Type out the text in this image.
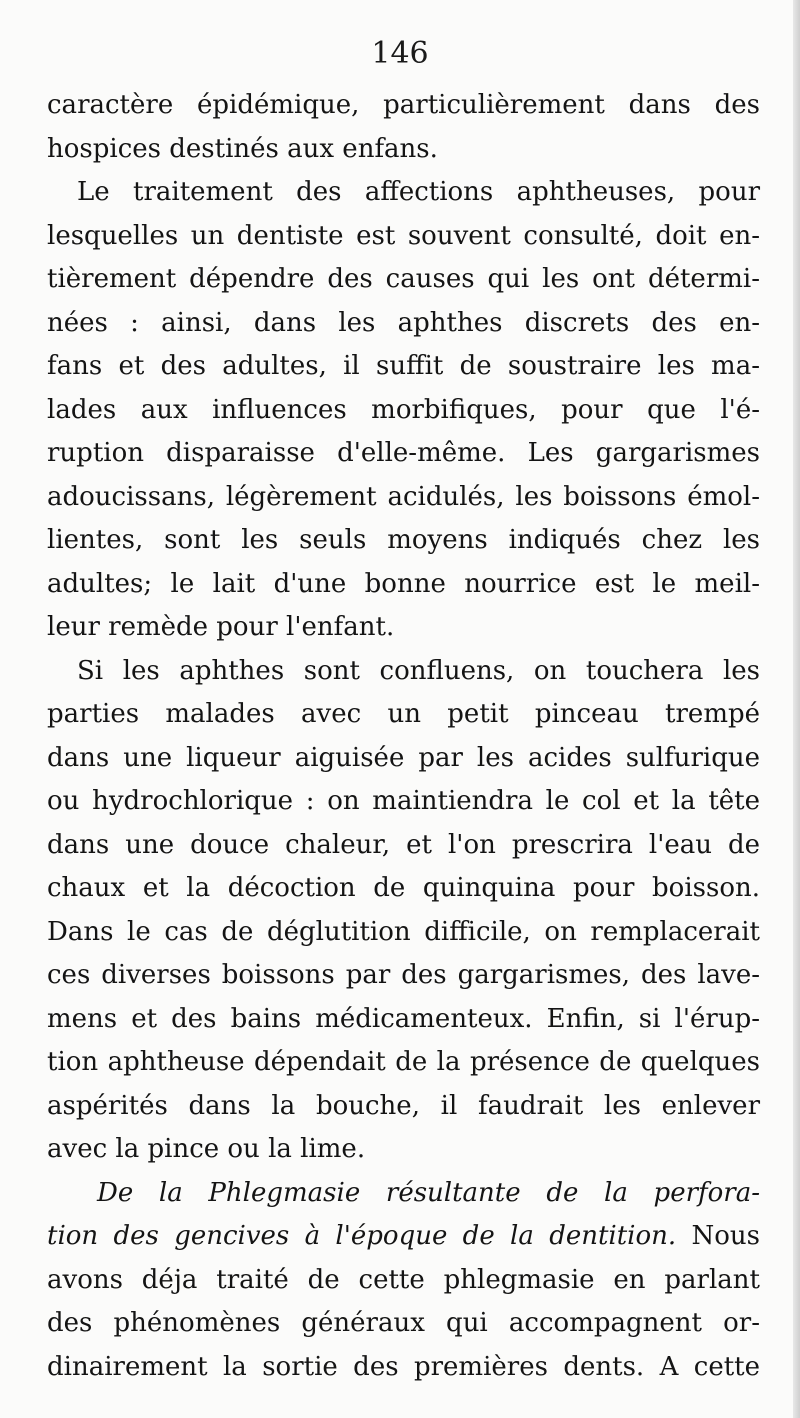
146

caractère épidémique, particulièrement dans des
hospices destinés aux enfans.
Le traitement des affections aphtheuses, pour
lesquelles un dentiste est souvent consulté, doit en-
tièrement dépendre des causes qui les ont détermi-
nées : ainsi, dans les aphthes discrets des en-
fans et des adultes, il suffit de soustraire les ma-
lades aux influences morbifiques, pour que l'é-
ruption disparaisse d'elle-même. Les gargarismes
adoucissans, légèrement acidulés, les boissons émol-
lientes, sont les seuls moyens indiqués chez les
adultes; le lait d'une bonne nourrice est le meil-
leur remède pour l'enfant.
Si les aphthes sont confluens, on touchera les
parties malades avec un petit pinceau trempé
dans une liqueur aiguisée par les acides sulfurique
ou hydrochlorique : on maintiendra le col et la tête
dans une douce chaleur, et l'on prescrira l'eau de
chaux et la décoction de quinquina pour boisson.
Dans le cas de déglutition difficile, on remplacerait
ces diverses boissons par des gargarismes, des lave-
mens et des bains médicamenteux. Enfin, si l'érup-
tion aphtheuse dépendait de la présence de quelques
aspérités dans la bouche, il faudrait les enlever
avec la pince ou la lime.
De la Phlegmasie résultante de la perfora-
tion des gencives à l'époque de la dentition. Nous
avons déja traité de cette phlegmasie en parlant
des phénomènes généraux qui accompagnent or-
dinairement la sortie des premières dents. A cette
